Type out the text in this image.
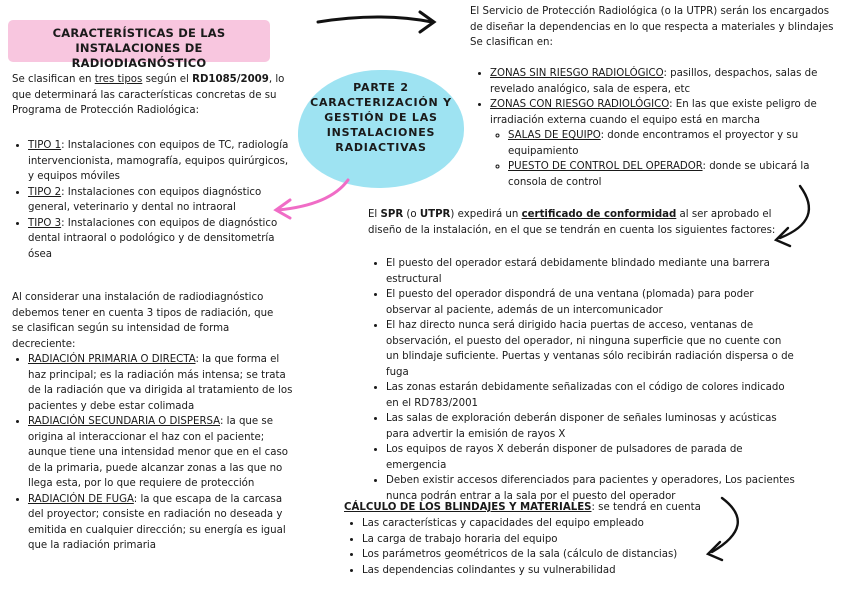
CARACTERÍSTICAS DE LAS INSTALACIONES DE RADIODIAGNÓSTICO
PARTE 2
CARACTERIZACIÓN Y
GESTIÓN DE LAS
INSTALACIONES
RADIACTIVAS
Se clasifican en tres tipos según el RD1085/2009, lo que determinará las características concretas de su Programa de Protección Radiológica:
• TIPO 1: Instalaciones con equipos de TC, radiología intervencionista, mamografía, equipos quirúrgicos, y equipos móviles
• TIPO 2: Instalaciones con equipos diagnóstico general, veterinario y dental no intraoral
• TIPO 3: Instalaciones con equipos de diagnóstico dental intraoral o podológico y de densitometría ósea
Al considerar una instalación de radiodiagnóstico debemos tener en cuenta 3 tipos de radiación, que se clasifican según su intensidad de forma decreciente:
• RADIACIÓN PRIMARIA O DIRECTA: la que forma el haz principal; es la radiación más intensa; se trata de la radiación que va dirigida al tratamiento de los pacientes y debe estar colimada
• RADIACIÓN SECUNDARIA O DISPERSA: la que se origina al interaccionar el haz con el paciente; aunque tiene una intensidad menor que en el caso de la primaria, puede alcanzar zonas a las que no llega esta, por lo que requiere de protección
• RADIACIÓN DE FUGA: la que escapa de la carcasa del proyector; consiste en radiación no deseada y emitida en cualquier dirección; su energía es igual que la radiación primaria
El Servicio de Protección Radiológica (o la UTPR) serán los encargados de diseñar la dependencias en lo que respecta a materiales y blindajes Se clasifican en:
• ZONAS SIN RIESGO RADIOLÓGICO: pasillos, despachos, salas de revelado analógico, sala de espera, etc
• ZONAS CON RIESGO RADIOLÓGICO: En las que existe peligro de irradiación externa cuando el equipo está en marcha
◦ SALAS DE EQUIPO: donde encontramos el proyector y su equipamiento
◦ PUESTO DE CONTROL DEL OPERADOR: donde se ubicará la consola de control
El SPR (o UTPR) expedirá un certificado de conformidad al ser aprobado el diseño de la instalación, en el que se tendrán en cuenta los siguientes factores:
• El puesto del operador estará debidamente blindado mediante una barrera estructural
• El puesto del operador dispondrá de una ventana (plomada) para poder observar al paciente, además de un intercomunicador
• El haz directo nunca será dirigido hacia puertas de acceso, ventanas de observación, el puesto del operador, ni ninguna superficie que no cuente con un blindaje suficiente. Puertas y ventanas sólo recibirán radiación dispersa o de fuga
• Las zonas estarán debidamente señalizadas con el código de colores indicado en el RD783/2001
• Las salas de exploración deberán disponer de señales luminosas y acústicas para advertir la emisión de rayos X
• Los equipos de rayos X deberán disponer de pulsadores de parada de emergencia
• Deben existir accesos diferenciados para pacientes y operadores, Los pacientes nunca podrán entrar a la sala por el puesto del operador
CÁLCULO DE LOS BLINDAJES Y MATERIALES: se tendrá en cuenta
• Las características y capacidades del equipo empleado
• La carga de trabajo horaria del equipo
• Los parámetros geométricos de la sala (cálculo de distancias)
• Las dependencias colindantes y su vulnerabilidad
